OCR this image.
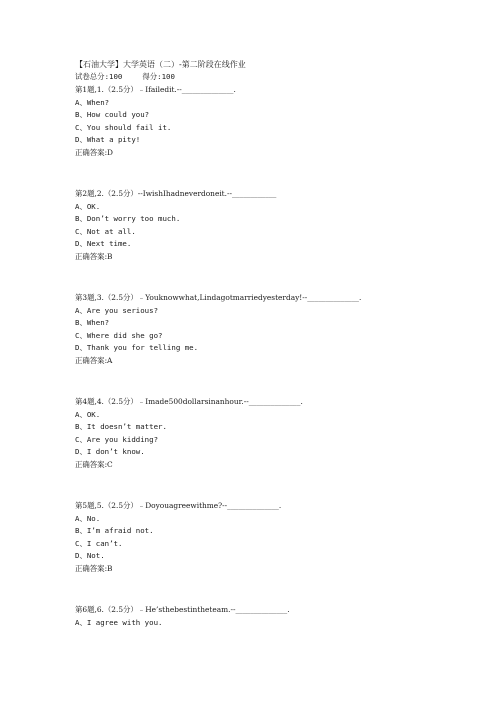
【石油大学】大学英语（二）-第二阶段在线作业
试卷总分:100	得分:100
第1题,1.（2.5分）﹣Ifailedit.--______________.
A、When?
B、How could you?
C、You should fail it.
D、What a pity!
正确答案:D
第2题,2.（2.5分）--IwishIhadneverdoneit.--____________
A、OK.
B、Don’t worry too much.
C、Not at all.
D、Next time.
正确答案:B
第3题,3.（2.5分）﹣Youknowwhat,Lindagotmarriedyesterday!--______________.
A、Are you serious?
B、When?
C、Where did she go?
D、Thank you for telling me.
正确答案:A
第4题,4.（2.5分）﹣Imade500dollarsinanhour.--______________.
A、OK.
B、It doesn’t matter.
C、Are you kidding?
D、I don’t know.
正确答案:C
第5题,5.（2.5分）﹣Doyouagreewithme?--______________.
A、No.
B、I’m afraid not.
C、I can’t.
D、Not.
正确答案:B
第6题,6.（2.5分）﹣He’sthebestintheteam.--______________.
A、I agree with you.
